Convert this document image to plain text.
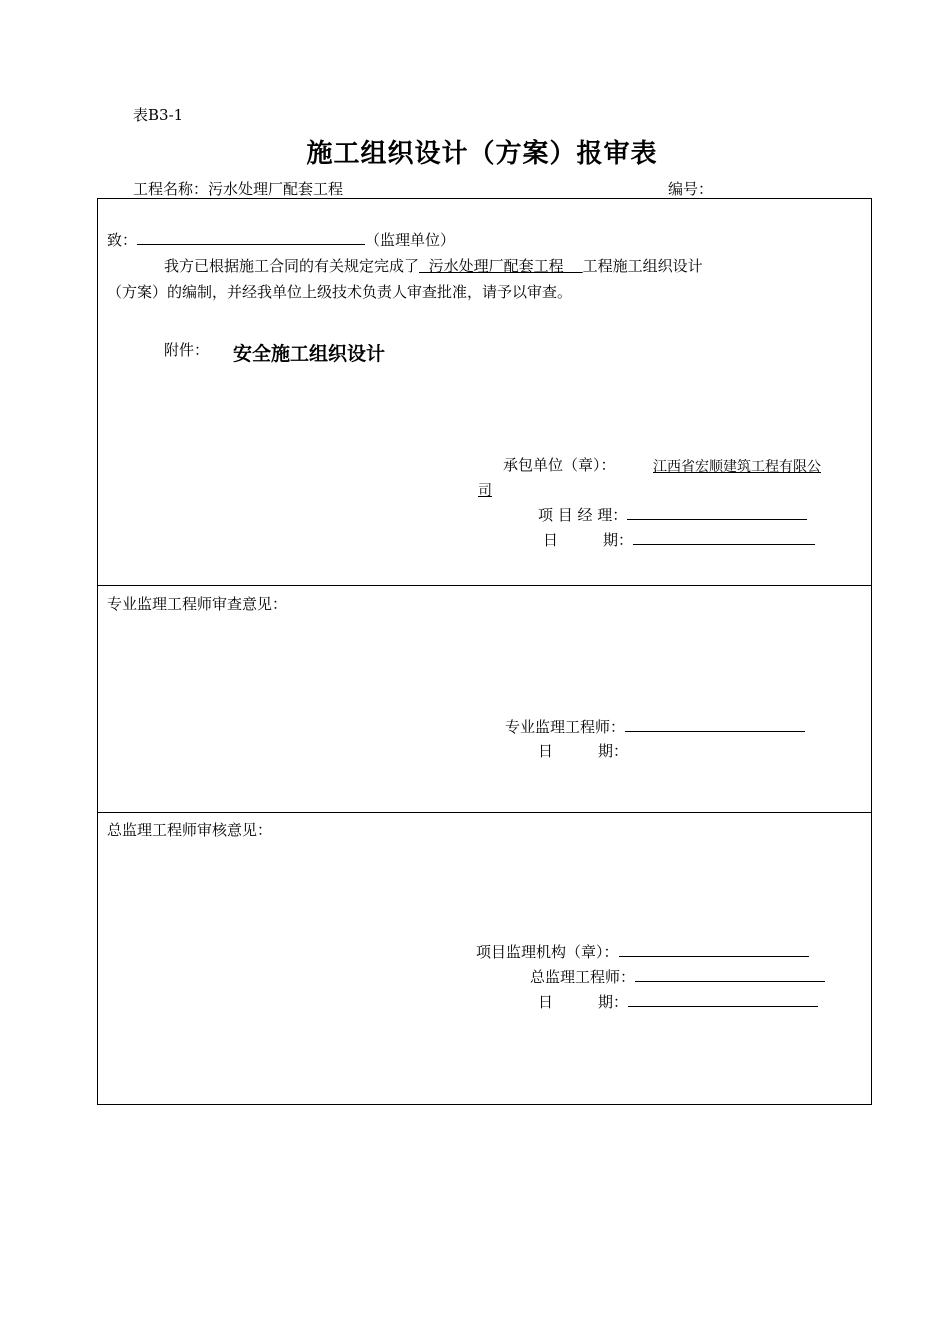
表B3-1
施工组织设计（方案）报审表
工程名称：污水处理厂配套工程	编号：
致：	（监理单位）
我方已根据施工合同的有关规定完成了 污水处理厂配套工程 工程施工组织设计
（方案）的编制，并经我单位上级技术负责人审查批准，请予以审查。
附件： 安全施工组织设计
承包单位（章）：	江西省宏顺建筑工程有限公
司
项 目 经 理：
日　　　期：
专业监理工程师审查意见：
专业监理工程师：
日　　　期：
总监理工程师审核意见：
项目监理机构（章）：
总监理工程师：
日　　　期：
